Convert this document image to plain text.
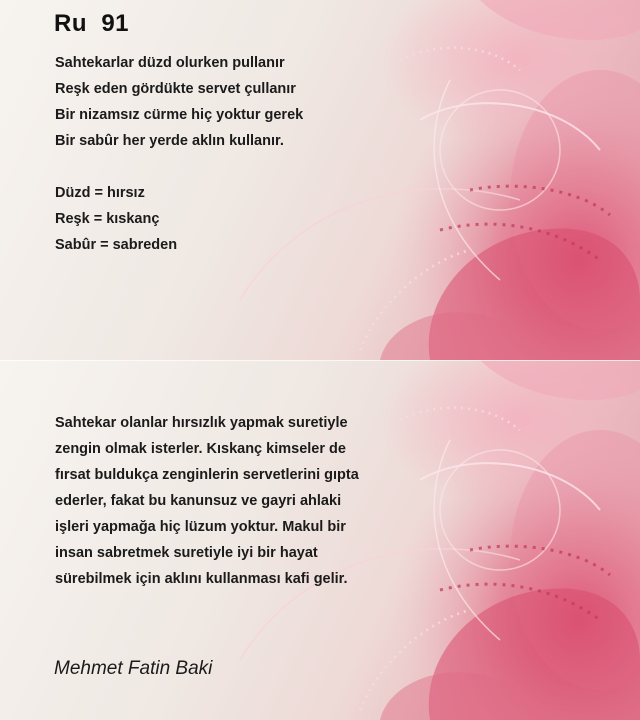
Ru  91
Sahtekarlar düzd olurken pullanır
Reşk eden gördükte servet çullanır
Bir nizamsız cürme hiç yoktur gerek
Bir sabûr her yerde aklın kullanır.
Düzd = hırsız
Reşk = kıskanç
Sabûr = sabreden
Sahtekar olanlar hırsızlık yapmak suretiyle
zengin olmak isterler. Kıskanç kimseler de
fırsat buldukça zenginlerin servetlerini gıpta
ederler, fakat bu kanunsuz ve gayri ahlaki
işleri yapmağa hiç lüzum yoktur. Makul bir
insan sabretmek suretiyle iyi bir hayat
sürebilmek için aklını kullanması kafi gelir.
Mehmet Fatin Baki
